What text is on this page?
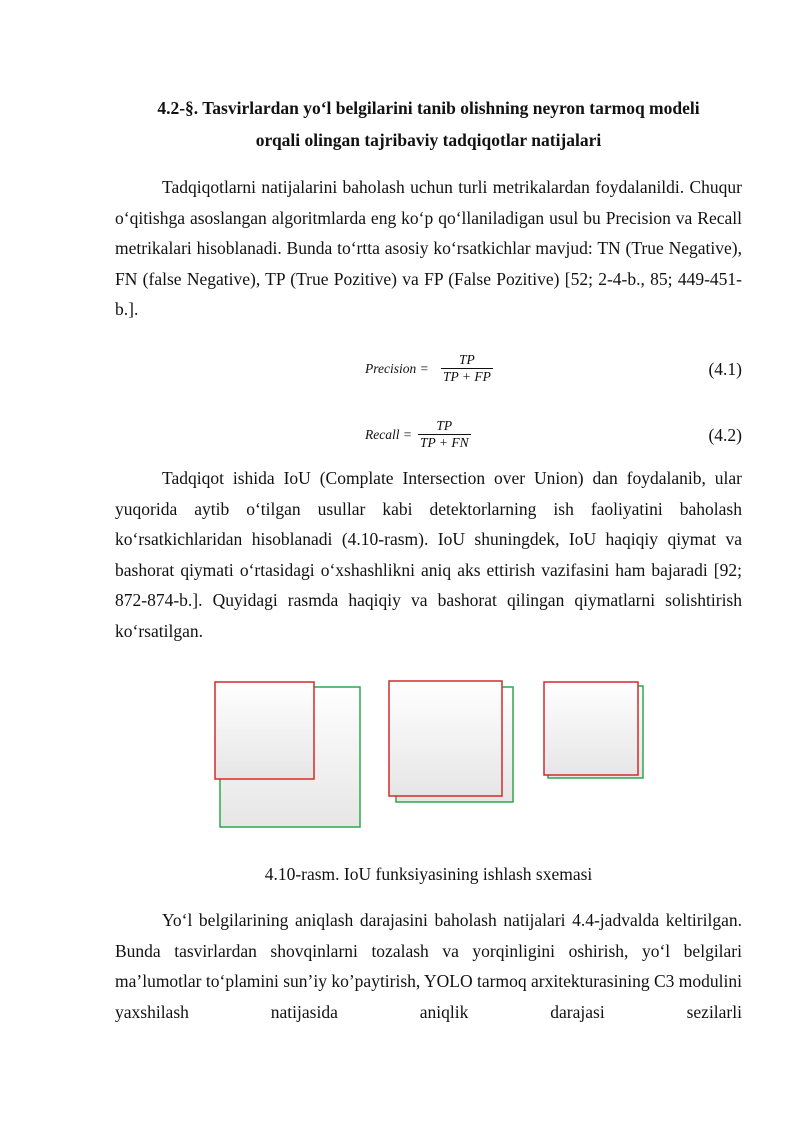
4.2-§. Tasvirlardan yo‘l belgilarini tanib olishning neyron tarmoq modeli
orqali olingan tajribaviy tadqiqotlar natijalari
Tadqiqotlarni natijalarini baholash uchun turli metrikalardan foydalanildi. Chuqur o‘qitishga asoslangan algoritmlarda eng ko‘p qo‘llaniladigan usul bu Precision va Recall metrikalari hisoblanadi. Bunda to‘rtta asosiy ko‘rsatkichlar mavjud: TN (True Negative), FN (false Negative), TP (True Pozitive) va FP (False Pozitive) [52; 2-4-b., 85; 449-451-b.].
Precision = $\frac{TP}{TP + FP}$	(4.1)
Recall = $\frac{TP}{TP + FN}$	(4.2)
Tadqiqot ishida IoU (Complate Intersection over Union) dan foydalanib, ular yuqorida aytib o‘tilgan usullar kabi detektorlarning ish faoliyatini baholash ko‘rsatkichlaridan hisoblanadi (4.10-rasm). IoU shuningdek, IoU haqiqiy qiymat va bashorat qiymati o‘rtasidagi o‘xshashlikni aniq aks ettirish vazifasini ham bajaradi [92; 872-874-b.]. Quyidagi rasmda haqiqiy va bashorat qilingan qiymatlarni solishtirish ko‘rsatilgan.
4.10-rasm. IoU funksiyasining ishlash sxemasi
Yo‘l belgilarining aniqlash darajasini baholash natijalari 4.4-jadvalda keltirilgan. Bunda tasvirlardan shovqinlarni tozalash va yorqinligini oshirish, yo‘l belgilari ma’lumotlar to‘plamini sun’iy ko’paytirish, YOLO tarmoq arxitekturasining C3 modulini yaxshilash natijasida aniqlik darajasi sezilarli
